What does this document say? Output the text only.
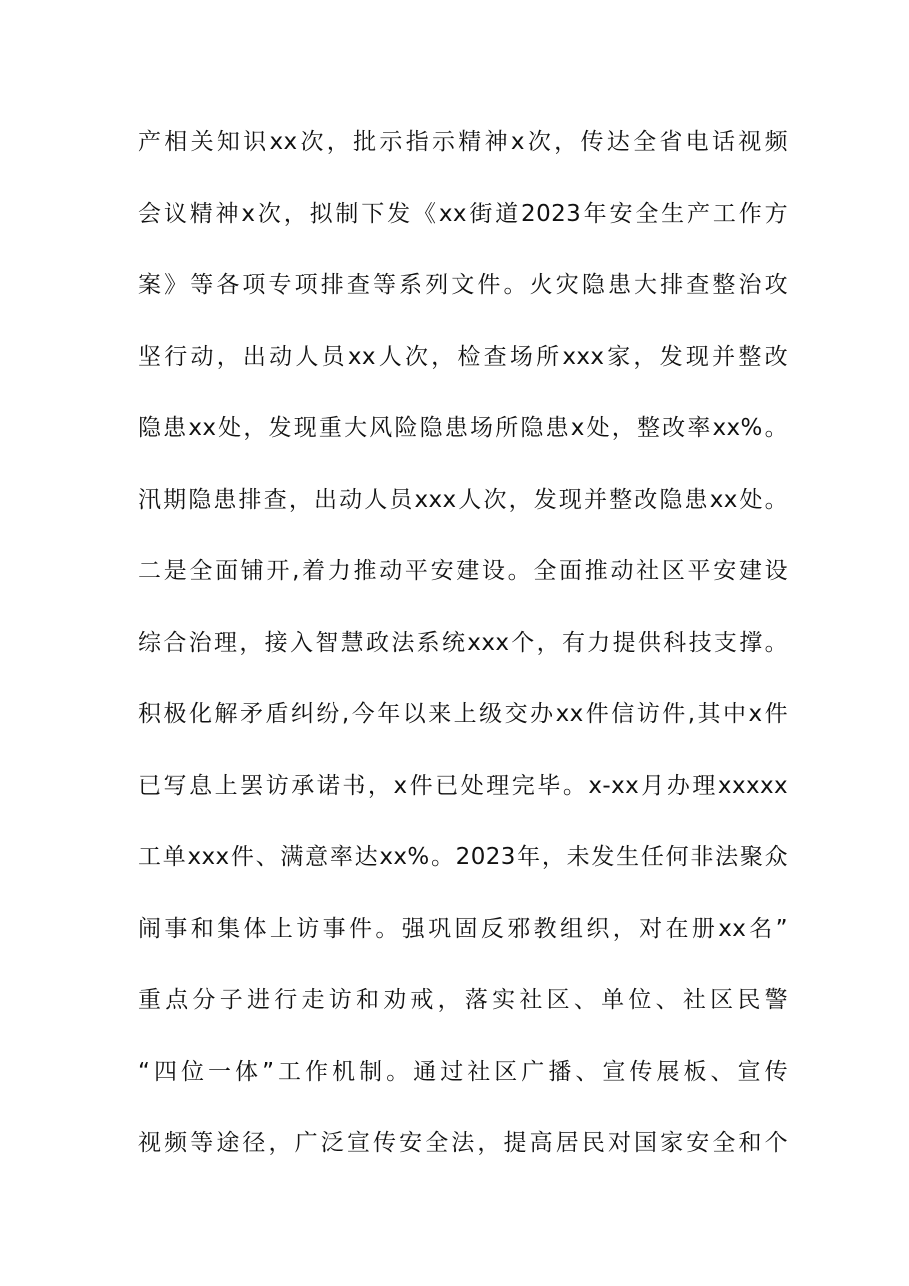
产相关知识xx次，批示指示精神x次，传达全省电话视频
会议精神x次，拟制下发《xx街道2023年安全生产工作方
案》等各项专项排查等系列文件。火灾隐患大排查整治攻
坚行动，出动人员xx人次，检查场所xxx家，发现并整改
隐患xx处，发现重大风险隐患场所隐患x处，整改率xx%。
汛期隐患排查，出动人员xxx人次，发现并整改隐患xx处。
二是全面铺开,着力推动平安建设。全面推动社区平安建设
综合治理，接入智慧政法系统xxx个，有力提供科技支撑。
积极化解矛盾纠纷,今年以来上级交办xx件信访件,其中x件
已写息上罢访承诺书，x件已处理完毕。x-xx月办理xxxxx
工单xxx件、满意率达xx%。2023年，未发生任何非法聚众
闹事和集体上访事件。强巩固反邪教组织，对在册xx名”
重点分子进行走访和劝戒，落实社区、单位、社区民警
“四位一体”工作机制。通过社区广播、宣传展板、宣传
视频等途径，广泛宣传安全法，提高居民对国家安全和个
